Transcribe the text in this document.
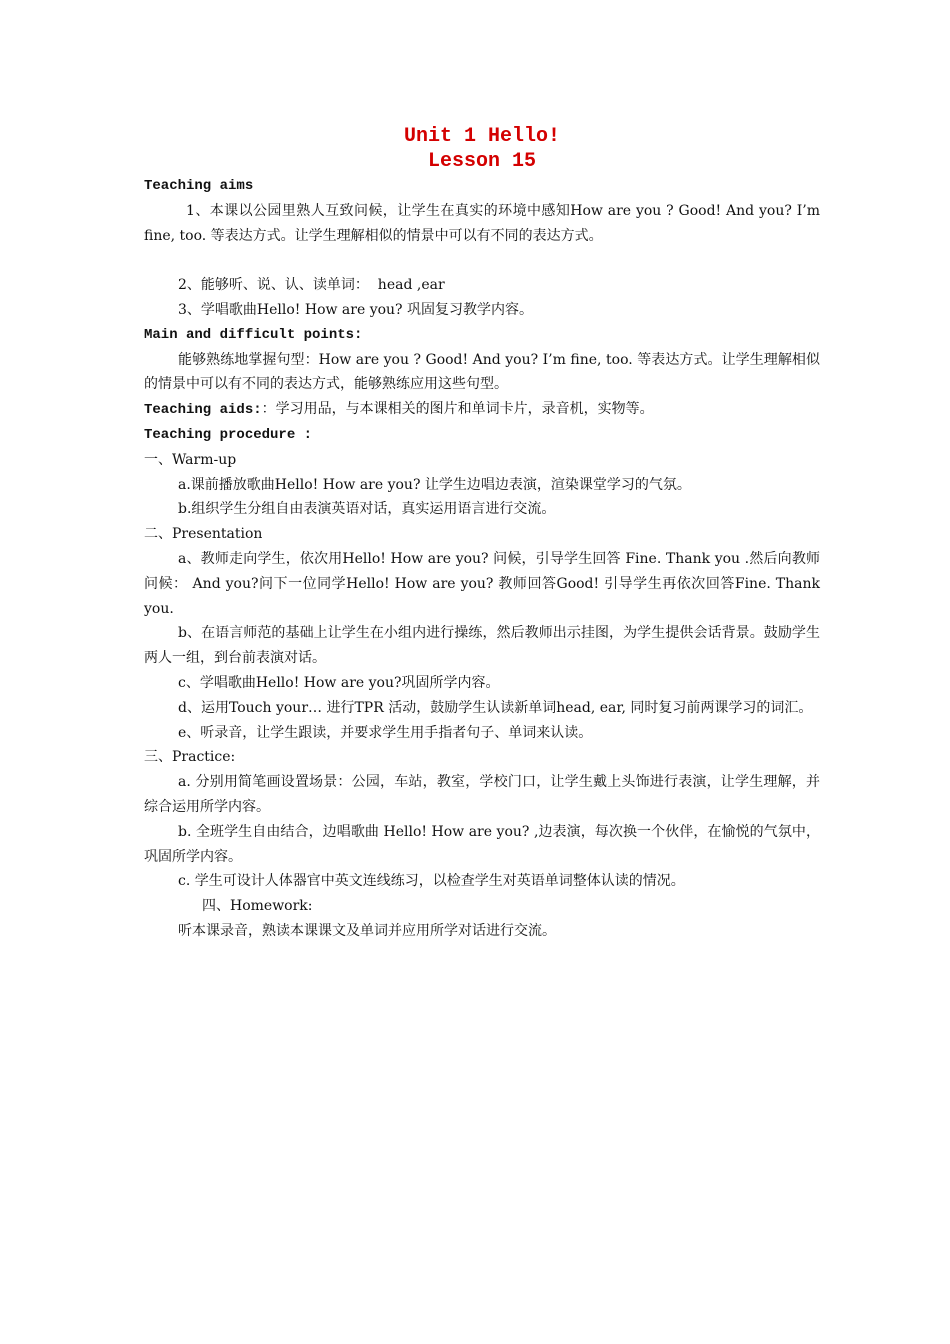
Unit 1 Hello!
Lesson 15
Teaching aims

1、本课以公园里熟人互致问候，让学生在真实的环境中感知How are you ? Good! And you? I’m fine, too. 等表达方式。让学生理解相似的情景中可以有不同的表达方式。

2、能够听、说、认、读单词：  head ,ear

3、学唱歌曲Hello! How are you? 巩固复习教学内容。

Main and difficult points:

能够熟练地掌握句型：How are you ? Good! And you? I’m fine, too. 等表达方式。让学生理解相似的情景中可以有不同的表达方式，能够熟练应用这些句型。

Teaching aids:：学习用品，与本课相关的图片和单词卡片，录音机，实物等。
Teaching procedure :

一、Warm-up

a.课前播放歌曲Hello! How are you? 让学生边唱边表演，渲染课堂学习的气氛。

b.组织学生分组自由表演英语对话，真实运用语言进行交流。

二、Presentation

a、教师走向学生，依次用Hello! How are you? 问候，引导学生回答 Fine. Thank you .然后向教师问候： And you?问下一位同学Hello! How are you? 教师回答Good! 引导学生再依次回答Fine. Thank you.

b、在语言师范的基础上让学生在小组内进行操练，然后教师出示挂图，为学生提供会话背景。鼓励学生两人一组，到台前表演对话。

c、学唱歌曲Hello! How are you?巩固所学内容。

d、运用Touch your… 进行TPR 活动，鼓励学生认读新单词head, ear, 同时复习前两课学习的词汇。

e、听录音，让学生跟读，并要求学生用手指者句子、单词来认读。

三、Practice:

a. 分别用简笔画设置场景：公园，车站，教室，学校门口，让学生戴上头饰进行表演，让学生理解，并综合运用所学内容。

b. 全班学生自由结合，边唱歌曲 Hello! How are you? ,边表演，每次换一个伙伴，在愉悦的气氛中，巩固所学内容。

c. 学生可设计人体器官中英文连线练习，以检查学生对英语单词整体认读的情况。

四、Homework:

听本课录音，熟读本课课文及单词并应用所学对话进行交流。
